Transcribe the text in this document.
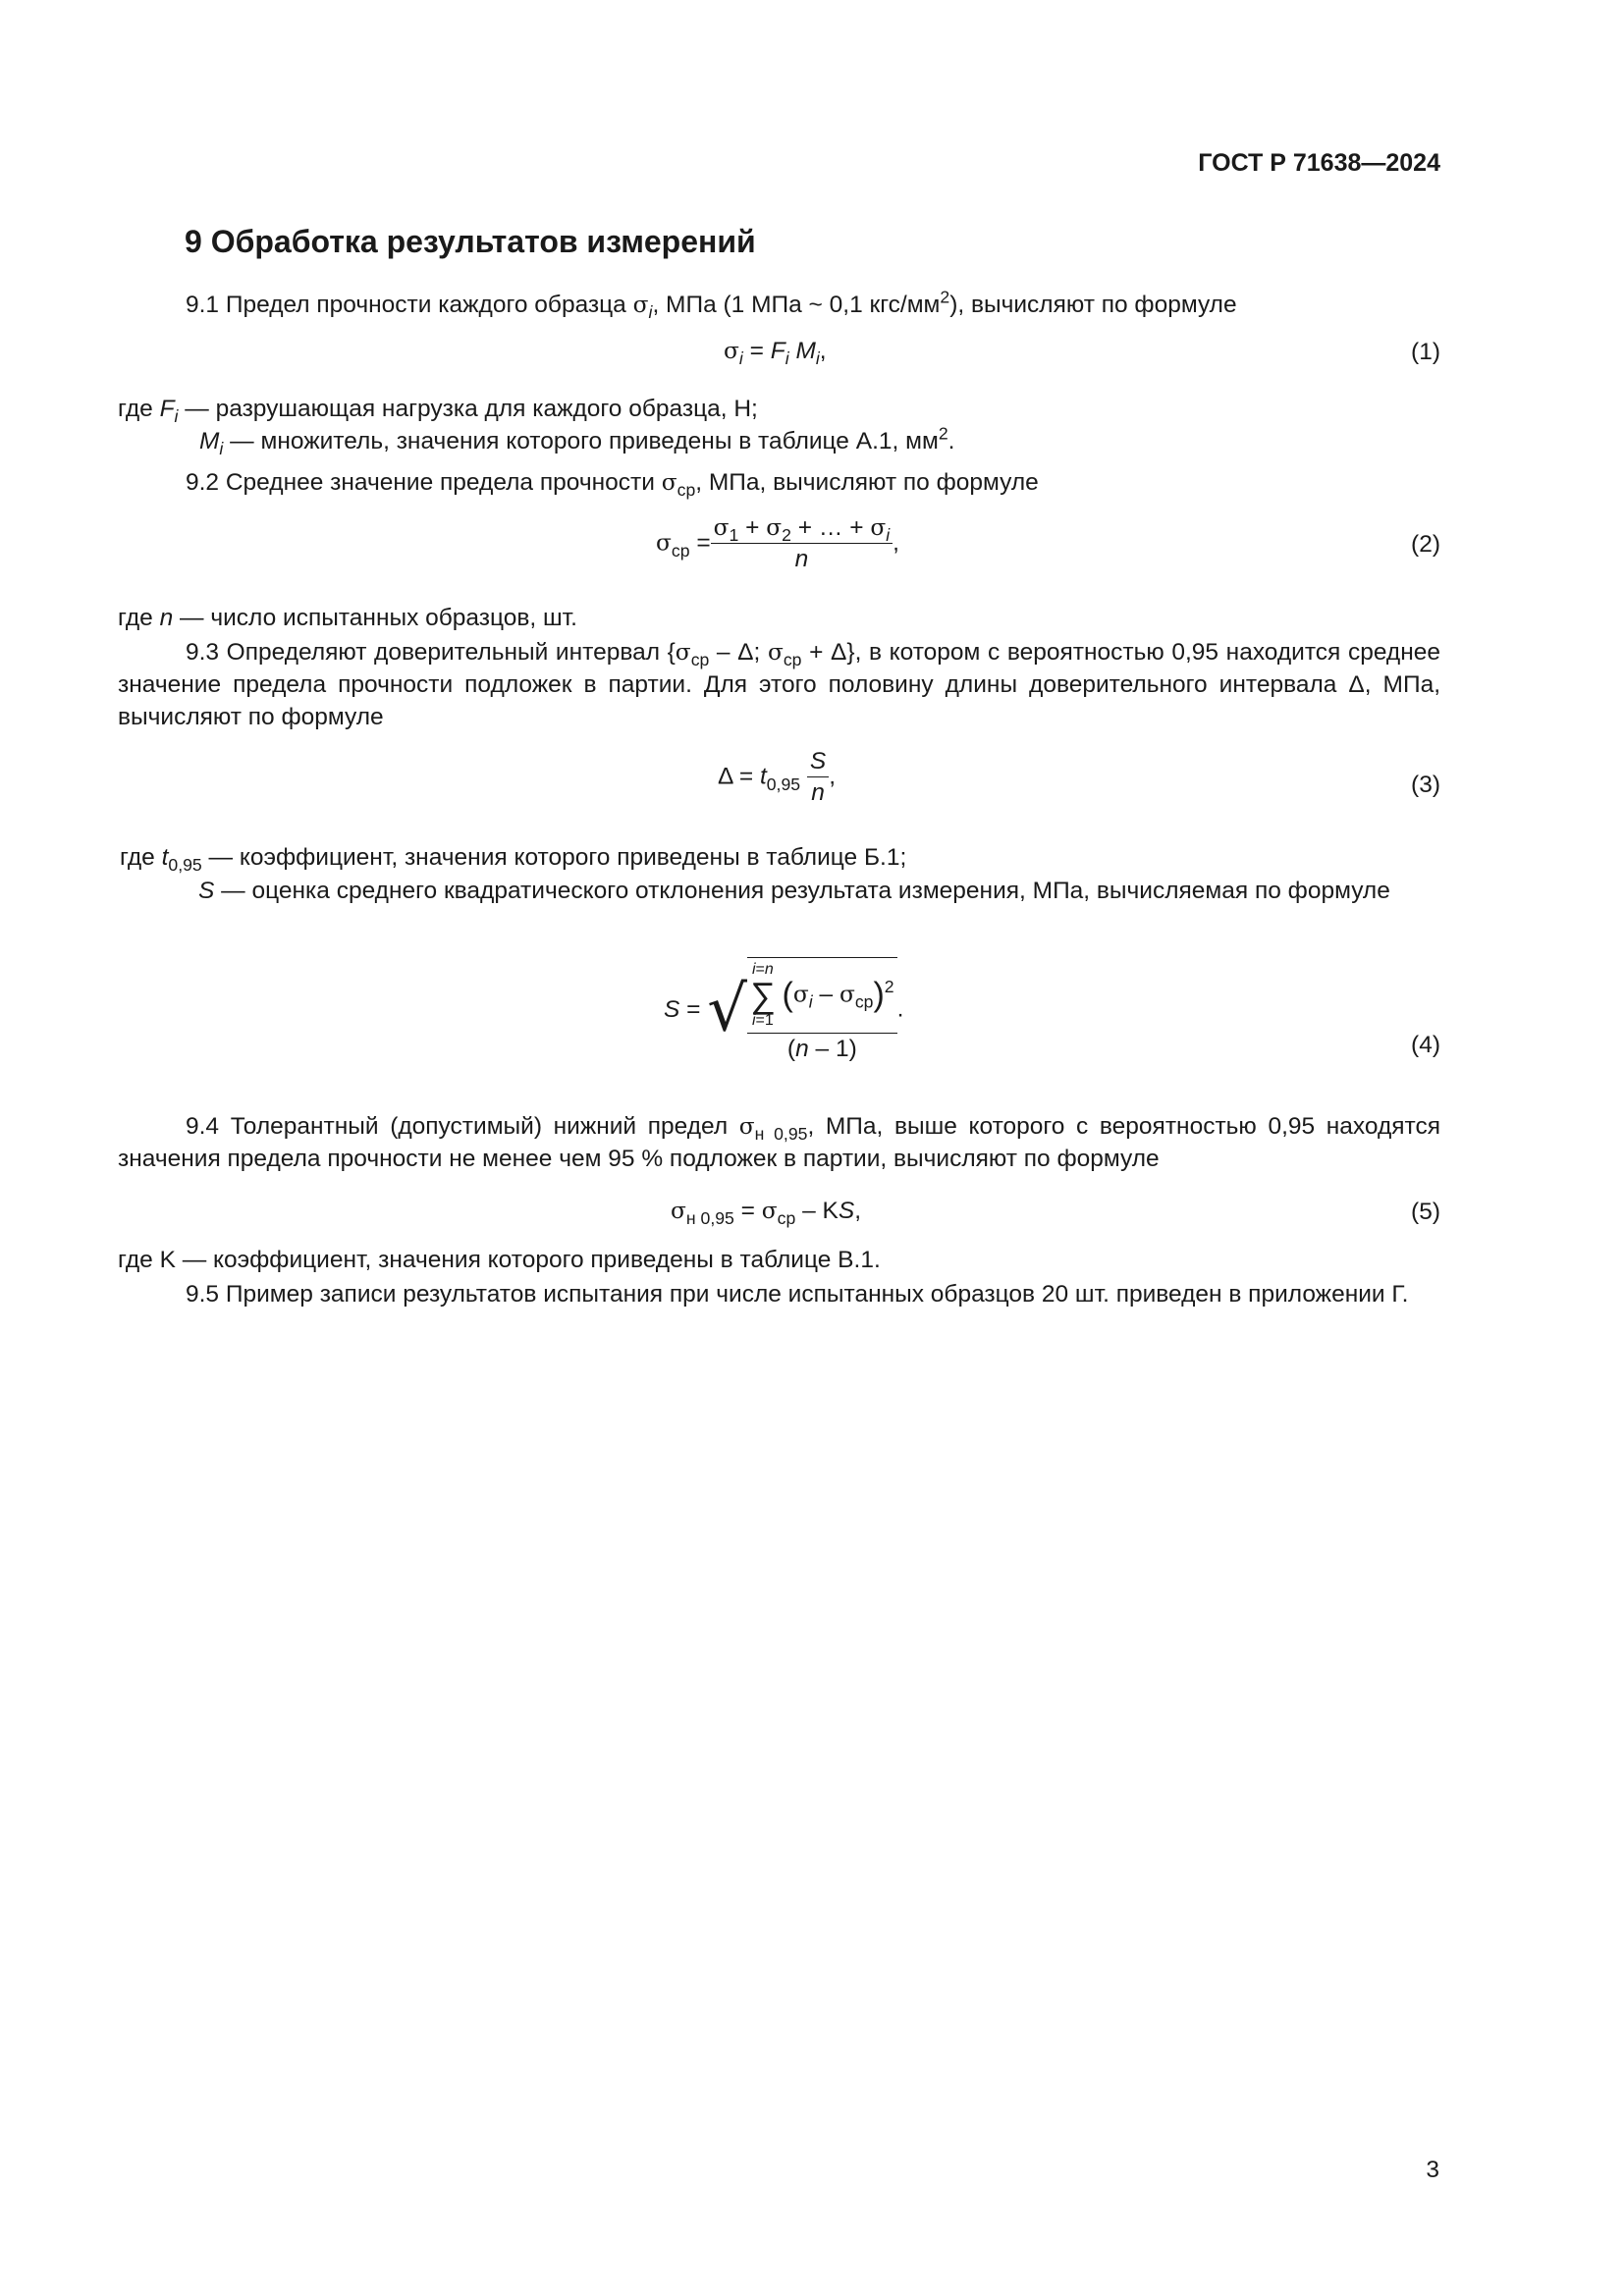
ГОСТ Р 71638—2024
9 Обработка результатов измерений
9.1 Предел прочности каждого образца $\sigma_i$, МПа (1 МПа ~ 0,1 кгс/$мм^2$), вычисляют по формуле
$\sigma_i = F_i$ $M_i$,	(1)
где $F_i$ — разрушающая нагрузка для каждого образца, Н;
$M_i$ — множитель, значения которого приведены в таблице А.1, $мм^2$.
9.2 Среднее значение предела прочности $\sigma_{ср}$, МПа, вычисляют по формуле
$\sigma_{ср} = \frac{\sigma_1 + \sigma_2 + \dots + \sigma_i}{n}$ ,	(2)
где n — число испытанных образцов, шт.
9.3 Определяют доверительный интервал {$\sigma_{ср}$ – Δ; $\sigma_{ср} + \Delta$}, в котором с вероятностью 0,95 находится среднее значение предела прочности подложек в партии. Для этого половину длины доверительного интервала Δ, МПа, вычисляют по формуле
$\Delta = t_{0,95} \frac{S}{n}$ ,	(3)
где $t_{0,95}$ — коэффициент, значения которого приведены в таблице Б.1;
S — оценка среднего квадратического отклонения результата измерения, МПа, вычисляемая по формуле
S = √
i=n
∑
i=1 $(\sigma_i - \sigma_{ср})^2$
(n – 1)
.
(4)
9.4 Толерантный (допустимый) нижний предел $\sigma_{н 0,95}$, МПа, выше которого с вероятностью 0,95 находятся значения предела прочности не менее чем 95 % подложек в партии, вычисляют по формуле
$\sigma_{н 0,95} = \sigma_{ср}$ – KS,	(5)
где K — коэффициент, значения которого приведены в таблице В.1.
9.5 Пример записи результатов испытания при числе испытанных образцов 20 шт. приведен в приложении Г.
3
